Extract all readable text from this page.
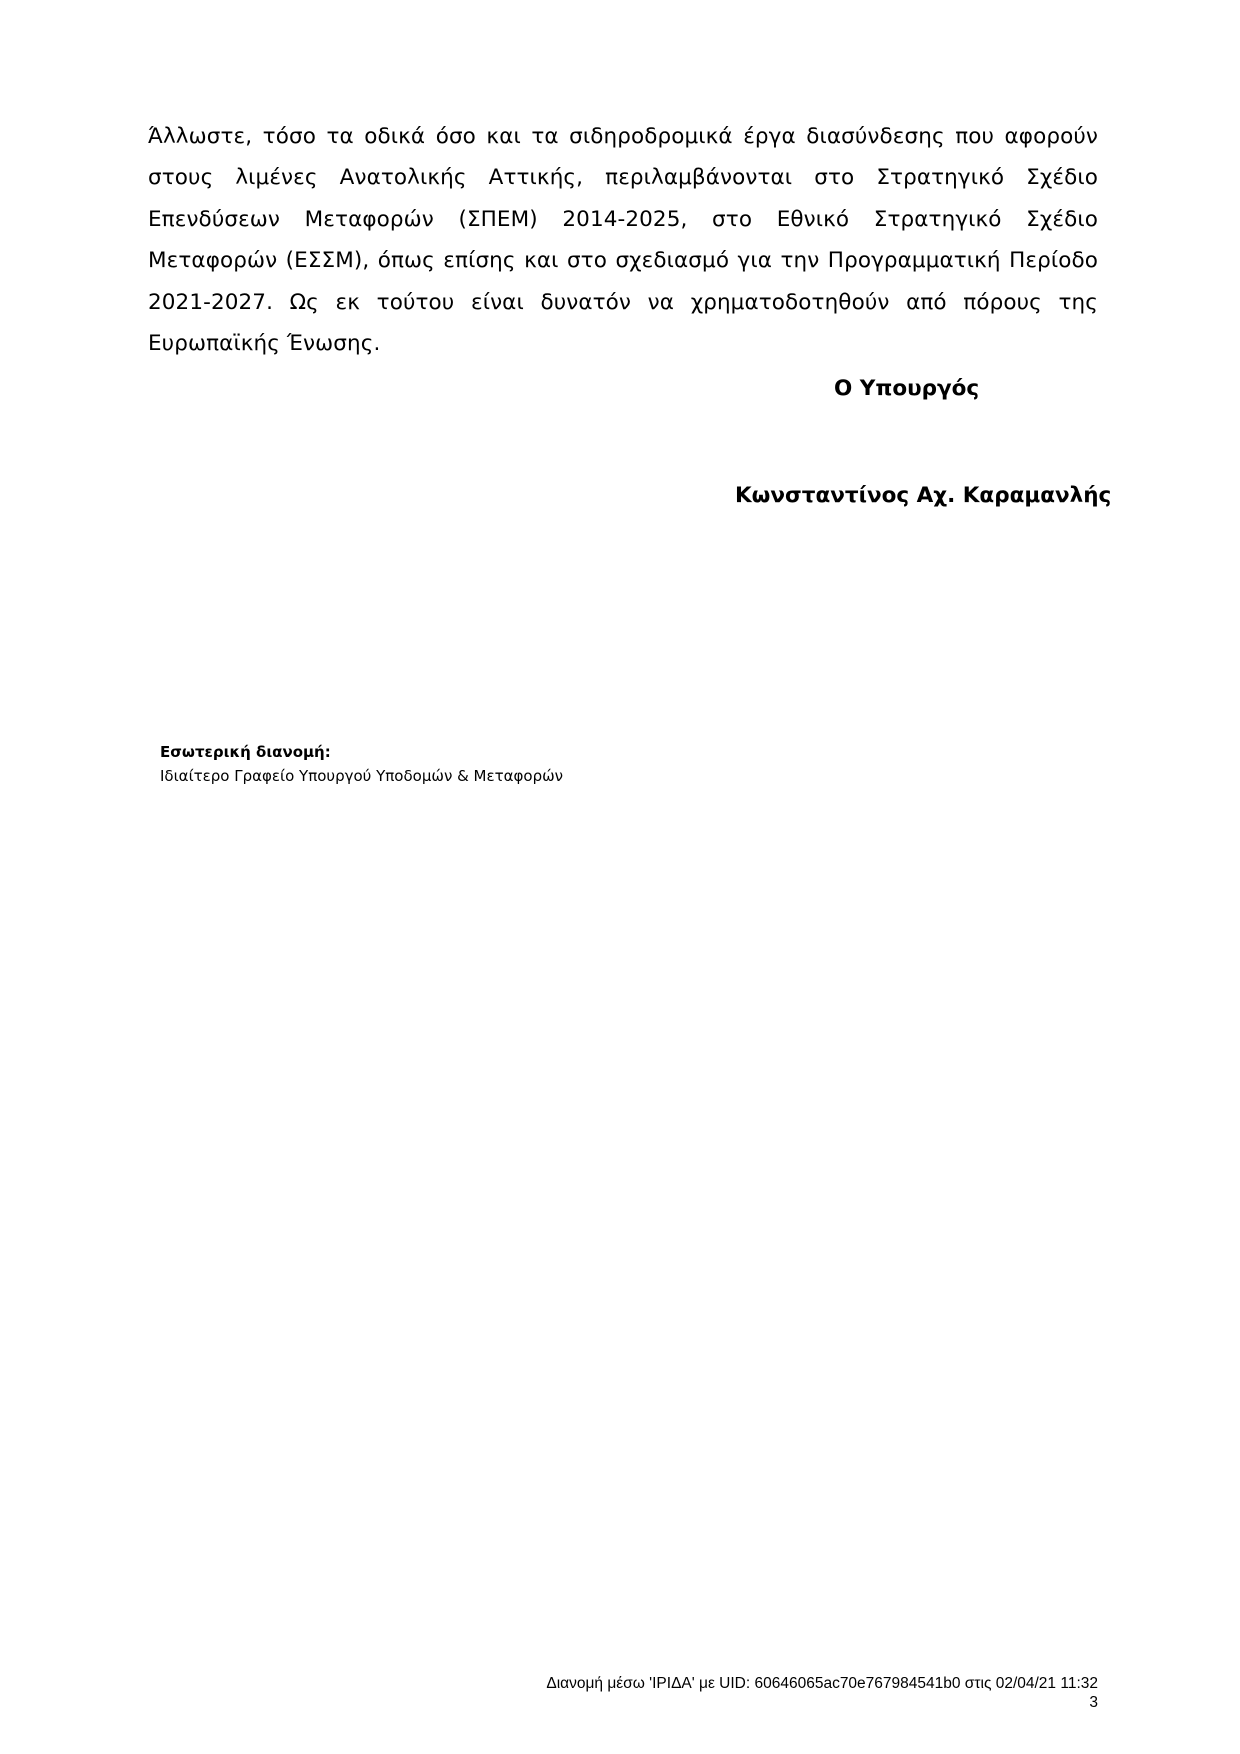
Άλλωστε, τόσο τα οδικά όσο και τα σιδηροδρομικά έργα διασύνδεσης που αφορούν στους λιμένες Ανατολικής Αττικής, περιλαμβάνονται στο Στρατηγικό Σχέδιο Επενδύσεων Μεταφορών (ΣΠΕΜ) 2014-2025, στο Εθνικό Στρατηγικό Σχέδιο Μεταφορών (ΕΣΣΜ), όπως επίσης και στο σχεδιασμό για την Προγραμματική Περίοδο 2021-2027. Ως εκ τούτου είναι δυνατόν να χρηματοδοτηθούν από πόρους της Ευρωπαϊκής Ένωσης.

Ο Υπουργός
Κωνσταντίνος Αχ. Καραμανλής
Εσωτερική διανομή:
Ιδιαίτερο Γραφείο Υπουργού Υποδομών & Μεταφορών
Διανομή μέσω 'ΙΡΙΔΑ' με UID: 60646065ac70e767984541b0 στις 02/04/21 11:32
3
